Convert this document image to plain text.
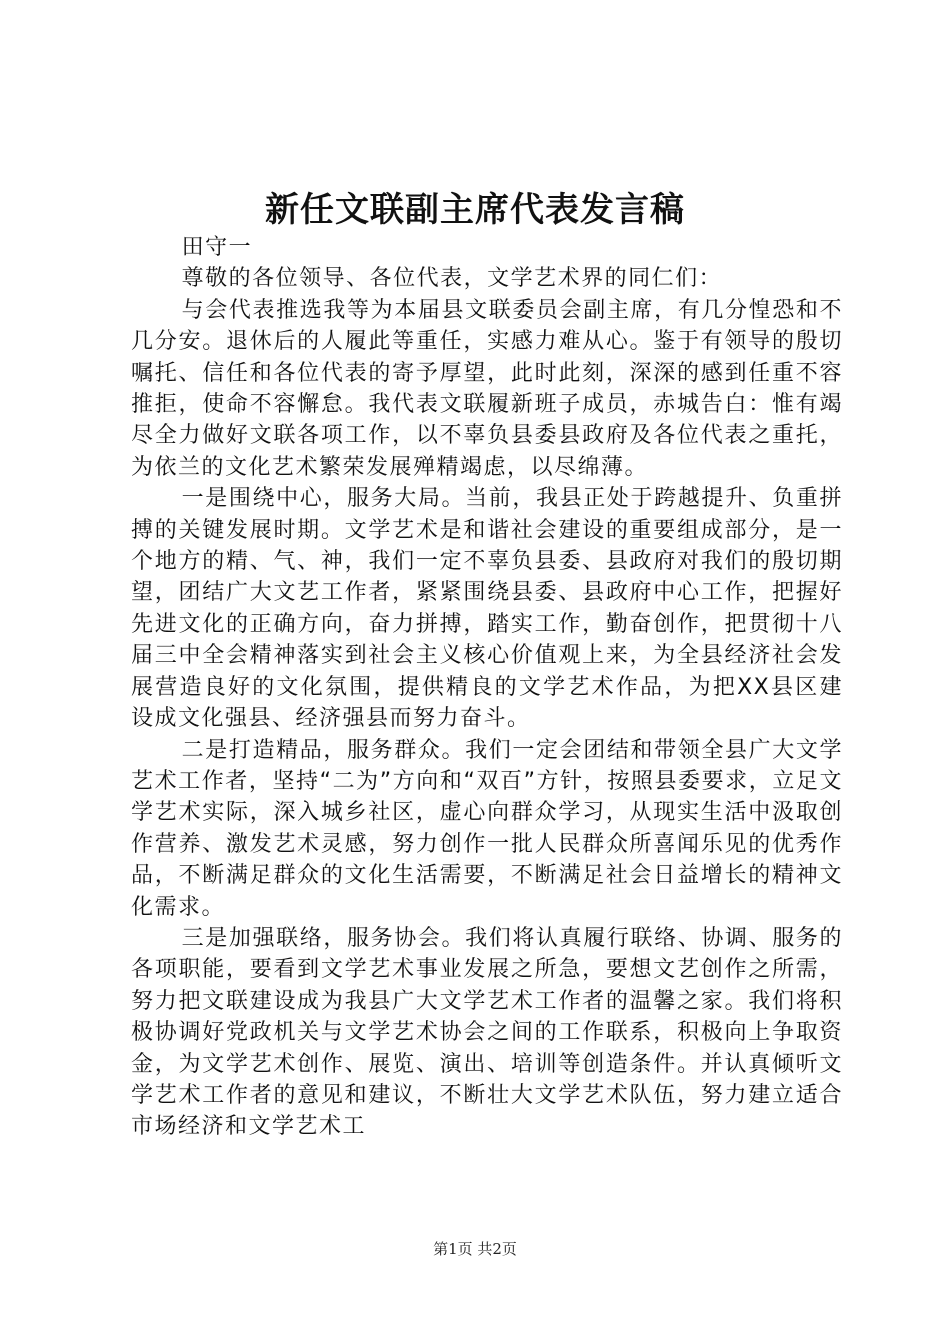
新任文联副主席代表发言稿

田守一

尊敬的各位领导、各位代表，文学艺术界的同仁们：

与会代表推选我等为本届县文联委员会副主席，有几分惶恐和不几分安。退休后的人履此等重任，实感力难从心。鉴于有领导的殷切嘱托、信任和各位代表的寄予厚望，此时此刻，深深的感到任重不容推拒，使命不容懈怠。我代表文联履新班子成员，赤城告白：惟有竭尽全力做好文联各项工作，以不辜负县委县政府及各位代表之重托，为依兰的文化艺术繁荣发展殚精竭虑，以尽绵薄。

一是围绕中心，服务大局。当前，我县正处于跨越提升、负重拼搏的关键发展时期。文学艺术是和谐社会建设的重要组成部分，是一个地方的精、气、神，我们一定不辜负县委、县政府对我们的殷切期望，团结广大文艺工作者，紧紧围绕县委、县政府中心工作，把握好先进文化的正确方向，奋力拼搏，踏实工作，勤奋创作，把贯彻十八届三中全会精神落实到社会主义核心价值观上来，为全县经济社会发展营造良好的文化氛围，提供精良的文学艺术作品，为把XX县区建设成文化强县、经济强县而努力奋斗。

二是打造精品，服务群众。我们一定会团结和带领全县广大文学艺术工作者，坚持“二为”方向和“双百”方针，按照县委要求，立足文学艺术实际，深入城乡社区，虚心向群众学习，从现实生活中汲取创作营养、激发艺术灵感，努力创作一批人民群众所喜闻乐见的优秀作品，不断满足群众的文化生活需要，不断满足社会日益增长的精神文化需求。

三是加强联络，服务协会。我们将认真履行联络、协调、服务的各项职能，要看到文学艺术事业发展之所急，要想文艺创作之所需，努力把文联建设成为我县广大文学艺术工作者的温馨之家。我们将积极协调好党政机关与文学艺术协会之间的工作联系，积极向上争取资金，为文学艺术创作、展览、演出、培训等创造条件。并认真倾听文学艺术工作者的意见和建议，不断壮大文学艺术队伍，努力建立适合市场经济和文学艺术工

第1页 共2页
